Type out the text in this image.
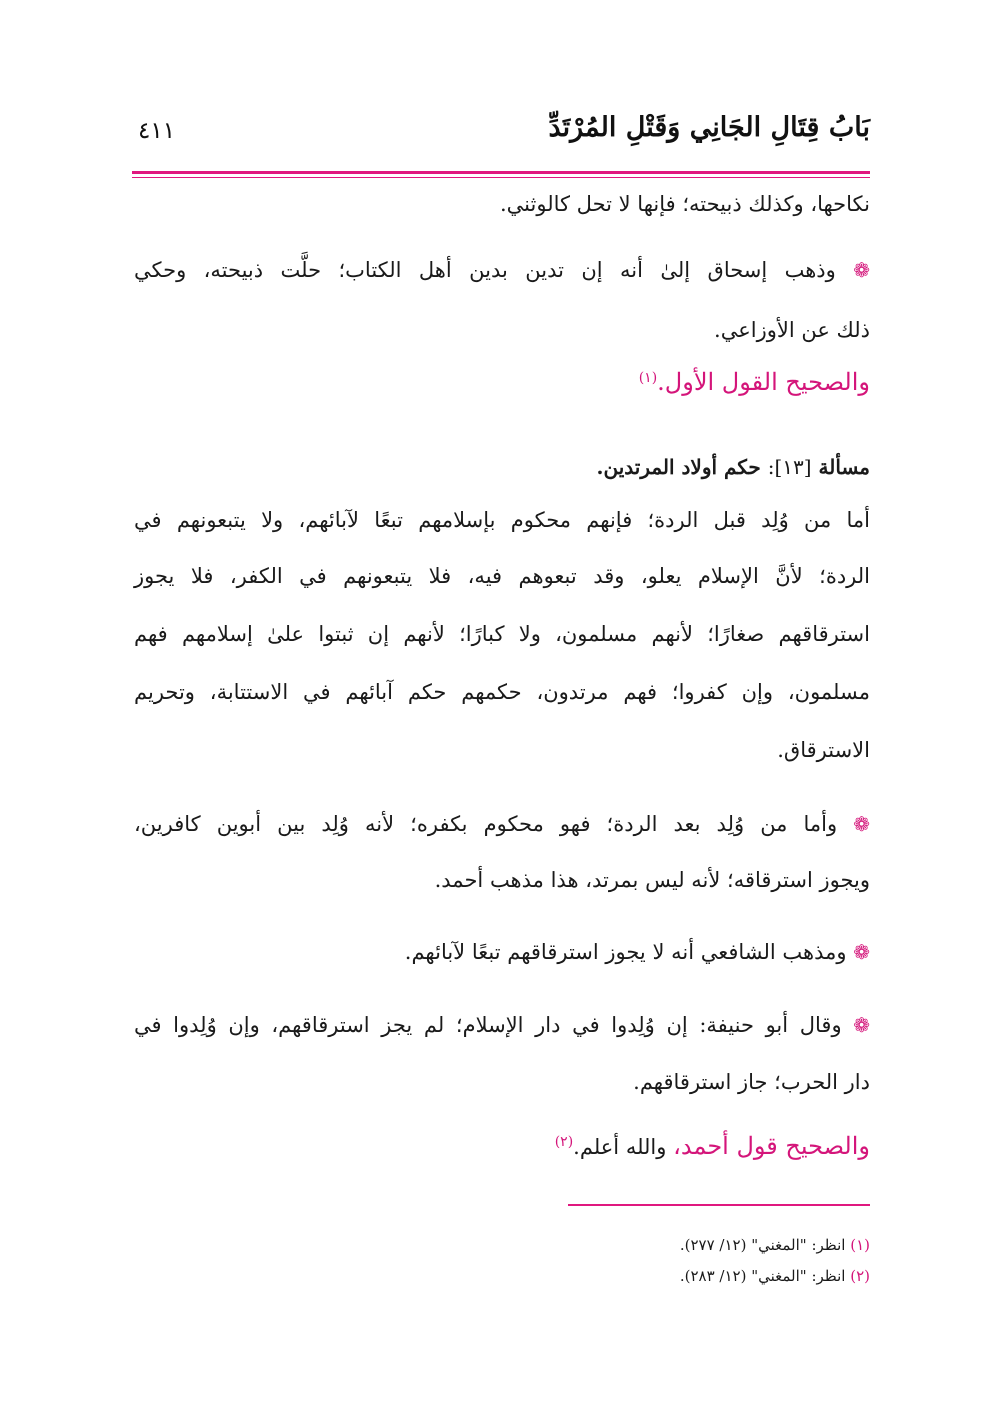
بَابُ قِتَالِ الجَانِي وَقَتْلِ المُرْتَدِّ
٤١١
نكاحها، وكذلك ذبيحته؛ فإنها لا تحل كالوثني.
❁ وذهب إسحاق إلىٰ أنه إن تدين بدين أهل الكتاب؛ حلَّت ذبيحته، وحكي
ذلك عن الأوزاعي.
والصحيح القول الأول.$^{(١)}$
مسألة [١٣]: حكم أولاد المرتدين.
أما من وُلِد قبل الردة؛ فإنهم محكوم بإسلامهم تبعًا لآبائهم، ولا يتبعونهم في
الردة؛ لأنَّ الإسلام يعلو، وقد تبعوهم فيه، فلا يتبعونهم في الكفر، فلا يجوز
استرقاقهم صغارًا؛ لأنهم مسلمون، ولا كبارًا؛ لأنهم إن ثبتوا علىٰ إسلامهم فهم
مسلمون، وإن كفروا؛ فهم مرتدون، حكمهم حكم آبائهم في الاستتابة، وتحريم
الاسترقاق.
❁ وأما من وُلِد بعد الردة؛ فهو محكوم بكفره؛ لأنه وُلِد بين أبوين كافرين،
ويجوز استرقاقه؛ لأنه ليس بمرتد، هذا مذهب أحمد.
❁ ومذهب الشافعي أنه لا يجوز استرقاقهم تبعًا لآبائهم.
❁ وقال أبو حنيفة: إن وُلِدوا في دار الإسلام؛ لم يجز استرقاقهم، وإن وُلِدوا في
دار الحرب؛ جاز استرقاقهم.
والصحيح قول أحمد، والله أعلم.$^{(٢)}$
(١) انظر: "المغني" (١٢/ ٢٧٧).
(٢) انظر: "المغني" (١٢/ ٢٨٣).
